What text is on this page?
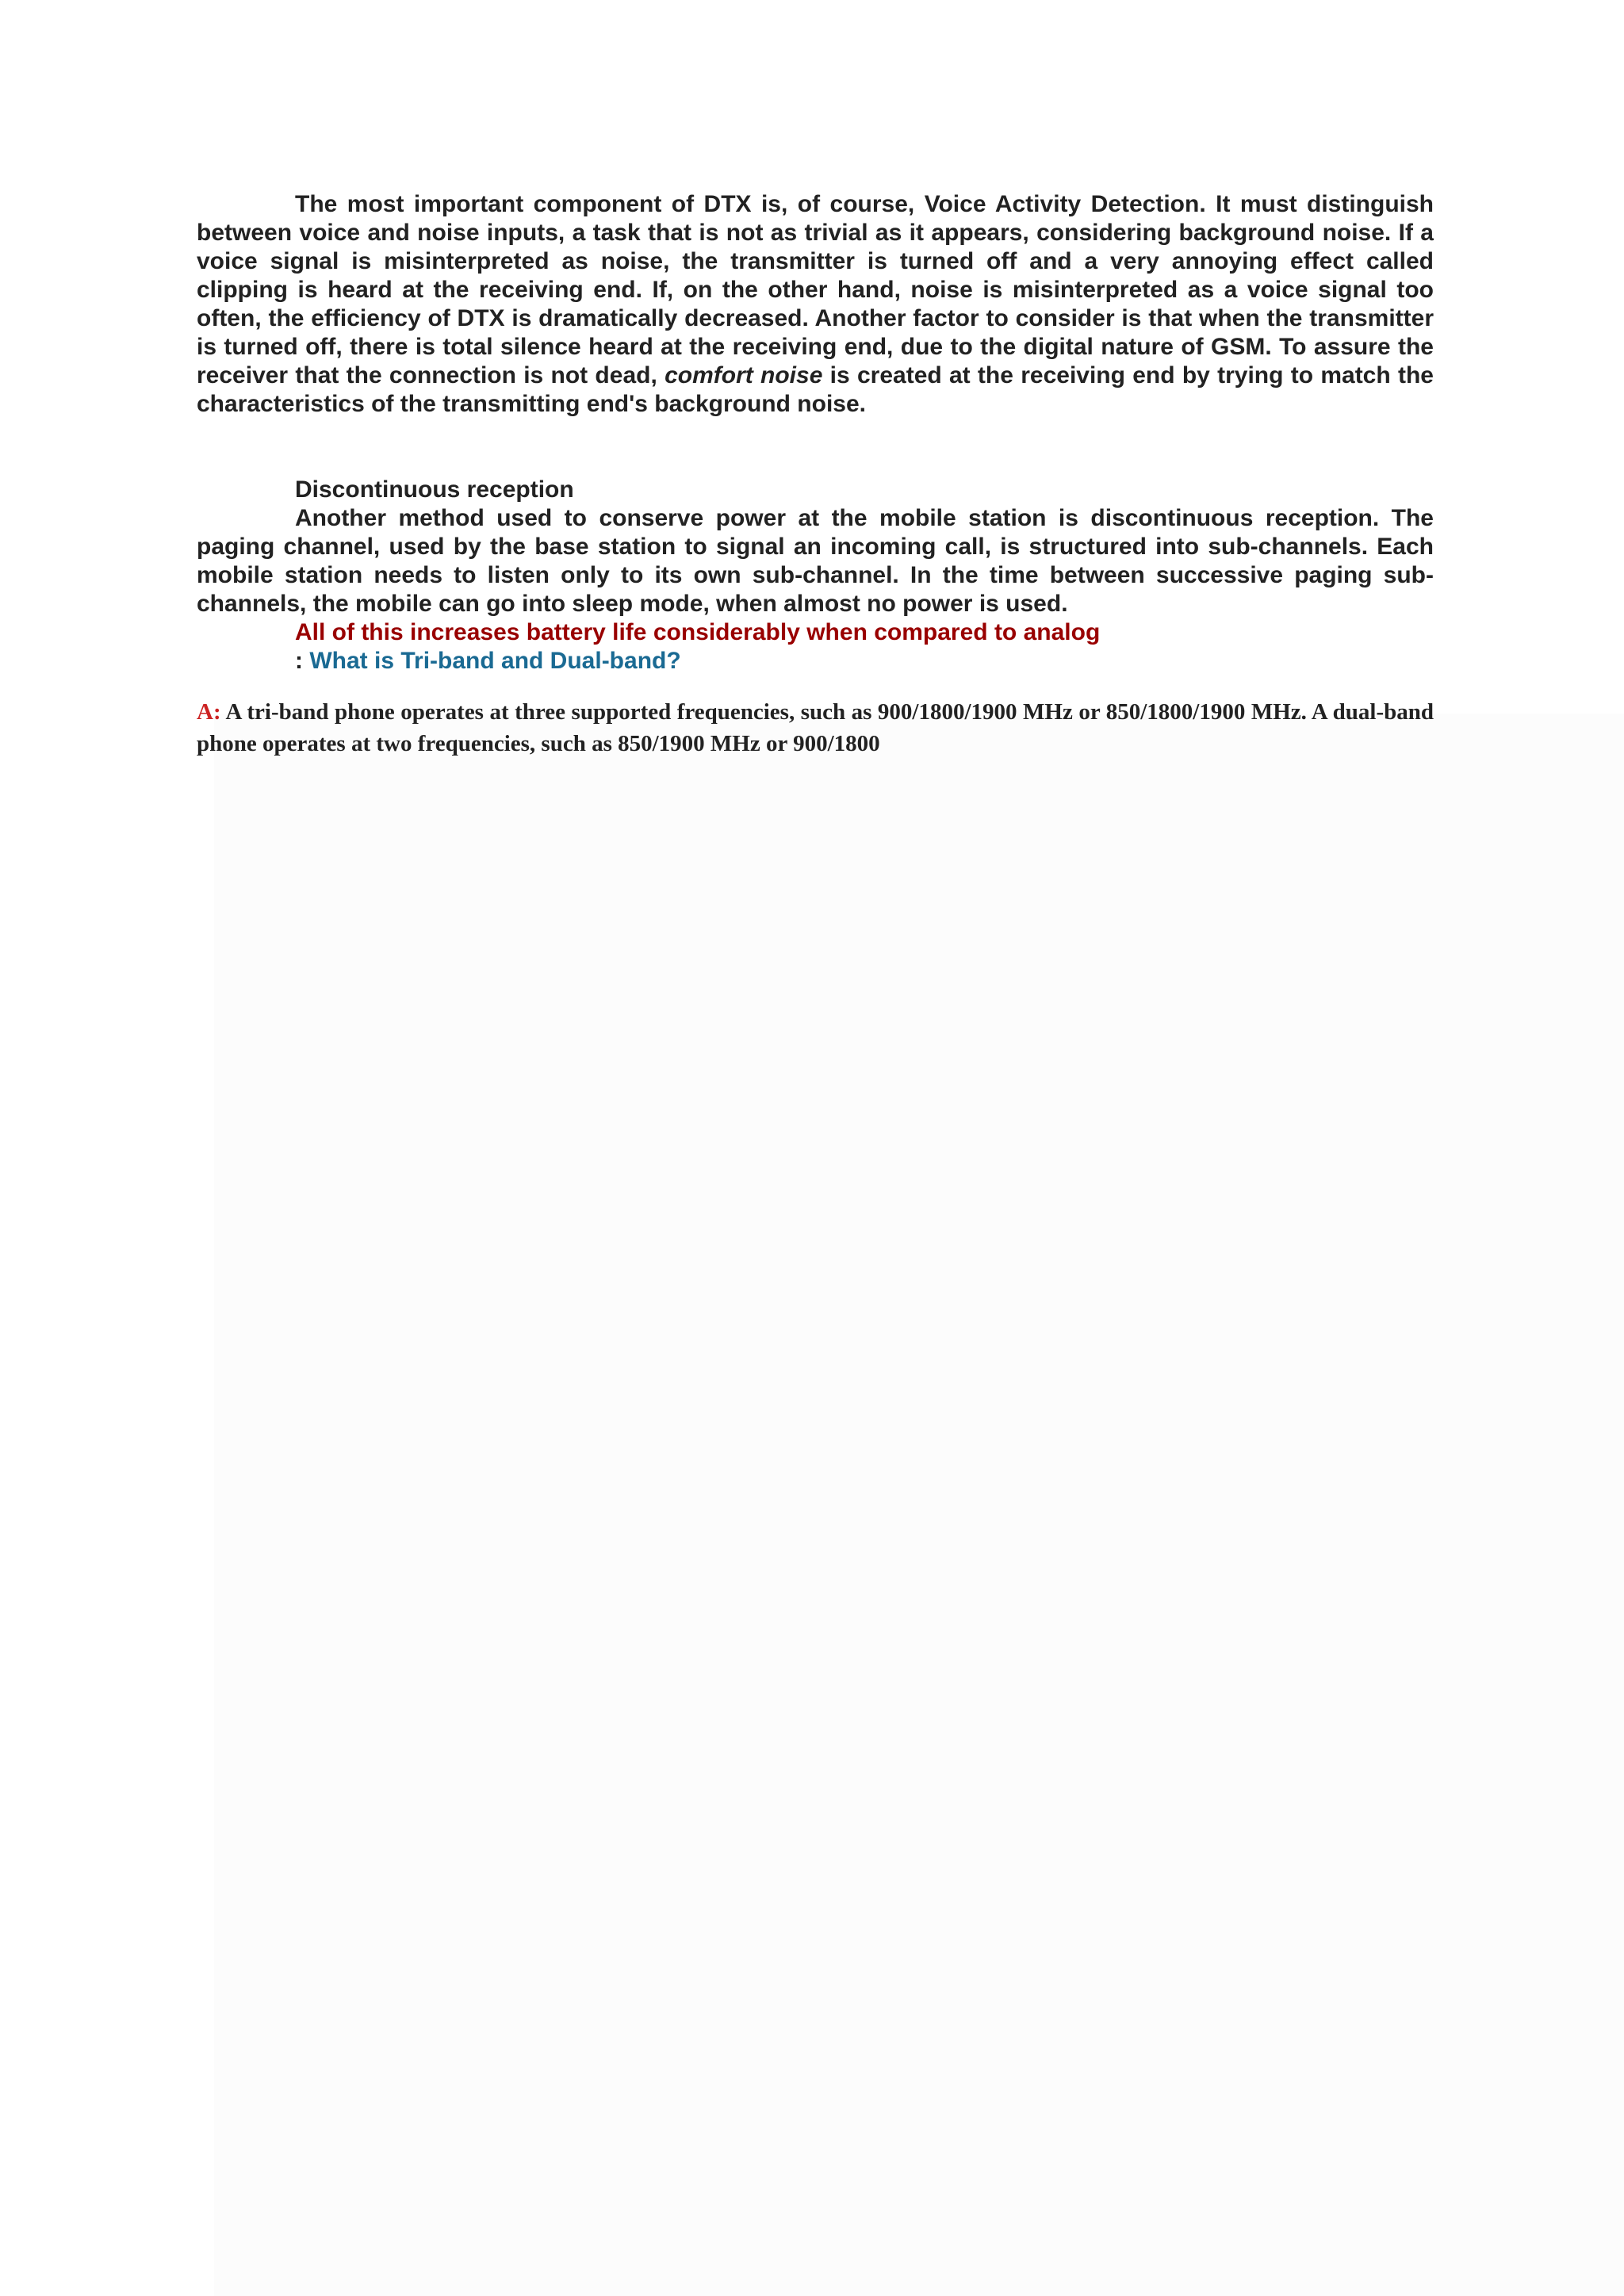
The most important component of DTX is, of course, Voice Activity Detection. It must distinguish between voice and noise inputs, a task that is not as trivial as it appears, considering background noise. If a voice signal is misinterpreted as noise, the transmitter is turned off and a very annoying effect called clipping is heard at the receiving end. If, on the other hand, noise is misinterpreted as a voice signal too often, the efficiency of DTX is dramatically decreased. Another factor to consider is that when the transmitter is turned off, there is total silence heard at the receiving end, due to the digital nature of GSM. To assure the receiver that the connection is not dead, comfort noise is created at the receiving end by trying to match the characteristics of the transmitting end's background noise.

Discontinuous reception

Another method used to conserve power at the mobile station is discontinuous reception. The paging channel, used by the base station to signal an incoming call, is structured into sub-channels. Each mobile station needs to listen only to its own sub-channel. In the time between successive paging sub-channels, the mobile can go into sleep mode, when almost no power is used.

All of this increases battery life considerably when compared to analog

: What is Tri-band and Dual-band?

A: A tri-band phone operates at three supported frequencies, such as 900/1800/1900 MHz or 850/1800/1900 MHz. A dual-band phone operates at two frequencies, such as 850/1900 MHz or 900/1800
